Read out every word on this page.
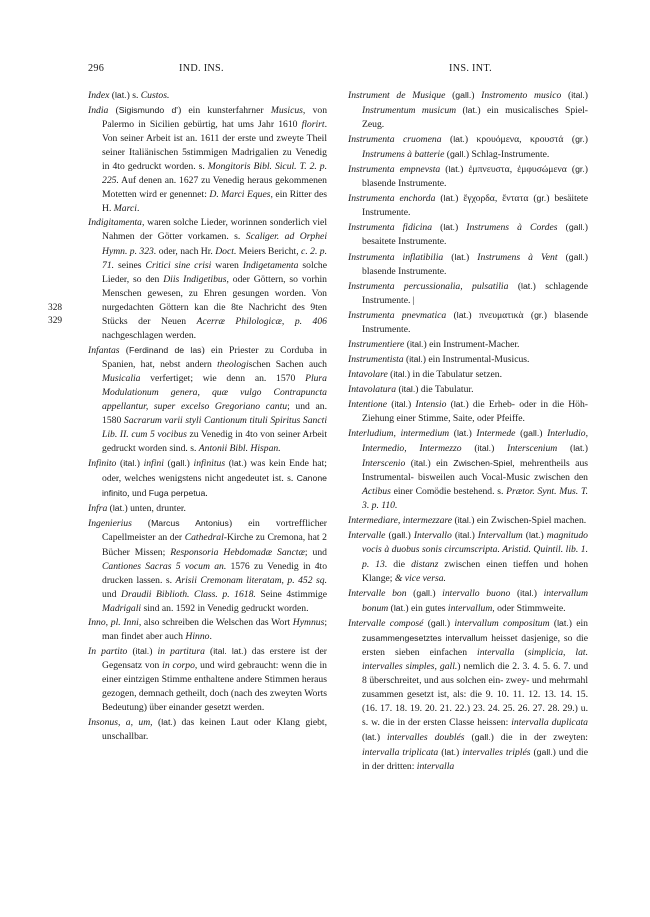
296	IND. INS.	INS. INT.
328
329

Index (lat.) s. Custos.

India (Sigismundo d') ein kunsterfahrner Musicus, von Palermo in Sicilien gebürtig, hat ums Jahr 1610 florirt. Von seiner Arbeit ist an. 1611 der erste und zweyte Theil seiner Italiänischen 5stimmigen Madrigalien zu Venedig in 4to gedruckt worden. s. Mongitoris Bibl. Sicul. T. 2. p. 225. Auf denen an. 1627 zu Venedig heraus gekommenen Motetten wird er genennet: D. Marci Eques, ein Ritter des H. Marci.

Indigitamenta, waren solche Lieder, worinnen sonderlich viel Nahmen der Götter vorkamen. s. Scaliger. ad Orphei Hymn. p. 323. oder, nach Hr. Doct. Meiers Bericht, c. 2. p. 71. seines Critici sine crisi waren Indigetamenta solche Lieder, so den Diis Indigetibus, oder Göttern, so vorhin Menschen gewesen, zu Ehren gesungen worden. Von nurgedachten Göttern kan die 8te Nachricht des 9ten Stücks der Neuen Acerræ Philologicæ, p. 406 nachgeschlagen werden.

Infantas (Ferdinand de las) ein Priester zu Corduba in Spanien, hat, nebst andern theologischen Sachen auch Musicalia verfertiget; wie denn an. 1570 Plura Modulationum genera, quæ vulgo Contrapuncta appellantur, super excelso Gregoriano cantu; und an. 1580 Sacrarum varii styli Cantionum tituli Spiritus Sancti Lib. II. cum 5 vocibus zu Venedig in 4to von seiner Arbeit gedruckt worden sind. s. Antonii Bibl. Hispan.

Infinito (ital.) infini (gall.) infinitus (lat.) was kein Ende hat; oder, welches wenigstens nicht angedeutet ist. s. Canone infinito, und Fuga perpetua.

Infra (lat.) unten, drunter.

Ingenierius (Marcus Antonius) ein vortrefflicher Capellmeister an der Cathedral-Kirche zu Cremona, hat 2 Bücher Missen; Responsoria Hebdomadæ Sanctæ; und Cantiones Sacras 5 vocum an. 1576 zu Venedig in 4to drucken lassen. s. Arisii Cremonam literatam, p. 452 sq. und Draudii Biblioth. Class. p. 1618. Seine 4stimmige Madrigali sind an. 1592 in Venedig gedruckt worden.

Inno, pl. Inni, also schreiben die Welschen das Wort Hymnus; man findet aber auch Hinno.

In partito (ital.) in partitura (ital. lat.) das erstere ist der Gegensatz von in corpo, und wird gebraucht: wenn die in einer eintzigen Stimme enthaltene andere Stimmen heraus gezogen, demnach getheilt, doch (nach des zweyten Worts Bedeutung) über einander gesetzt werden.

Insonus, a, um, (lat.) das keinen Laut oder Klang giebt, unschallbar.

Instrument de Musique (gall.) Instromento musico (ital.) Instrumentum musicum (lat.) ein musicalisches Spiel-Zeug.

Instrumenta cruomena (lat.) κρουόμενα, κρουστά (gr.) Instrumens à batterie (gall.) Schlag-Instrumente.

Instrumenta empnevsta (lat.) ἐμπνευστα, ἐμφυσώμενα (gr.) blasende Instrumente.

Instrumenta enchorda (lat.) ἔγχορδα, ἔντατα (gr.) besäitete Instrumente.

Instrumenta fidicina (lat.) Instrumens à Cordes (gall.) besaitete Instrumente.

Instrumenta inflatibilia (lat.) Instrumens à Vent (gall.) blasende Instrumente.

Instrumenta percussionalia, pulsatilia (lat.) schlagende Instrumente. |

Instrumenta pnevmatica (lat.) πνευματικὰ (gr.) blasende Instrumente.

Instrumentiere (ital.) ein Instrument-Macher.

Instrumentista (ital.) ein Instrumental-Musicus.

Intavolare (ital.) in die Tabulatur setzen.

Intavolatura (ital.) die Tabulatur.

Intentione (ital.) Intensio (lat.) die Erheb- oder in die Höh-Ziehung einer Stimme, Saite, oder Pfeiffe.

Interludium, intermedium (lat.) Intermede (gall.) Interludio, Intermedio, Intermezzo (ital.) Interscenium (lat.) Interscenio (ital.) ein Zwischen-Spiel, mehrentheils aus Instrumental- bisweilen auch Vocal-Music zwischen den Actibus einer Comödie bestehend. s. Prætor. Synt. Mus. T. 3. p. 110.

Intermediare, intermezzare (ital.) ein Zwischen-Spiel machen.

Intervalle (gall.) Intervallo (ital.) Intervallum (lat.) magnitudo vocis à duobus sonis circumscripta. Aristid. Quintil. lib. 1. p. 13. die distanz zwischen einen tieffen und hohen Klange; & vice versa.

Intervalle bon (gall.) intervallo buono (ital.) intervallum bonum (lat.) ein gutes intervallum, oder Stimmweite.

Intervalle composé (gall.) intervallum compositum (lat.) ein zusammengesetztes intervallum heisset dasjenige, so die ersten sieben einfachen intervalla (simplicia, lat. intervalles simples, gall.) nemlich die 2. 3. 4. 5. 6. 7. und 8 überschreitet, und aus solchen ein- zwey- und mehrmahl zusammen gesetzt ist, als: die 9. 10. 11. 12. 13. 14. 15. (16. 17. 18. 19. 20. 21. 22.) 23. 24. 25. 26. 27. 28. 29.) u. s. w. die in der ersten Classe heissen: intervalla duplicata (lat.) intervalles doublés (gall.) die in der zweyten: intervalla triplicata (lat.) intervalles triplés (gall.) und die in der dritten: intervalla
